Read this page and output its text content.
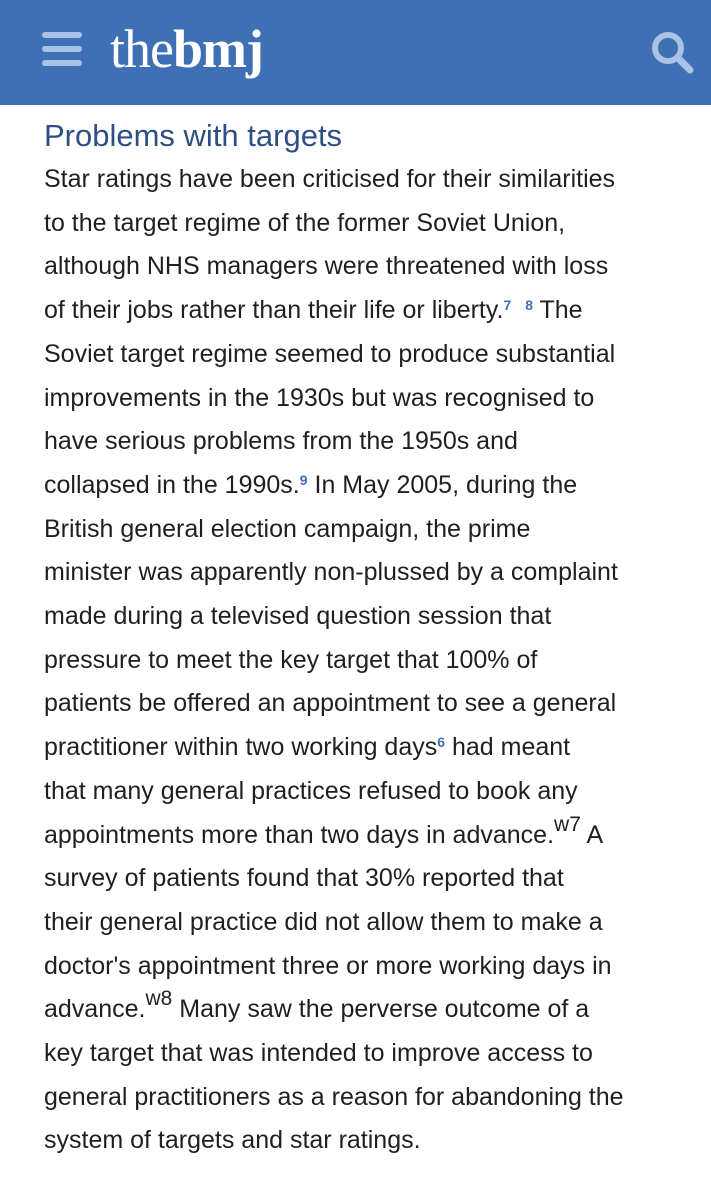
thebmj
Problems with targets

Star ratings have been criticised for their similarities
to the target regime of the former Soviet Union,
although NHS managers were threatened with loss
of their jobs rather than their life or liberty.$^7$ $^8$ The
Soviet target regime seemed to produce substantial
improvements in the 1930s but was recognised to
have serious problems from the 1950s and
collapsed in the 1990s.$^9$ In May 2005, during the
British general election campaign, the prime
minister was apparently non-plussed by a complaint
made during a televised question session that
pressure to meet the key target that 100% of
patients be offered an appointment to see a general
practitioner within two working days$^6$ had meant
that many general practices refused to book any
appointments more than two days in advance.$^{w7}$ A
survey of patients found that 30% reported that
their general practice did not allow them to make a
doctor's appointment three or more working days in
advance.$^{w8}$ Many saw the perverse outcome of a
key target that was intended to improve access to
general practitioners as a reason for abandoning the
system of targets and star ratings.
